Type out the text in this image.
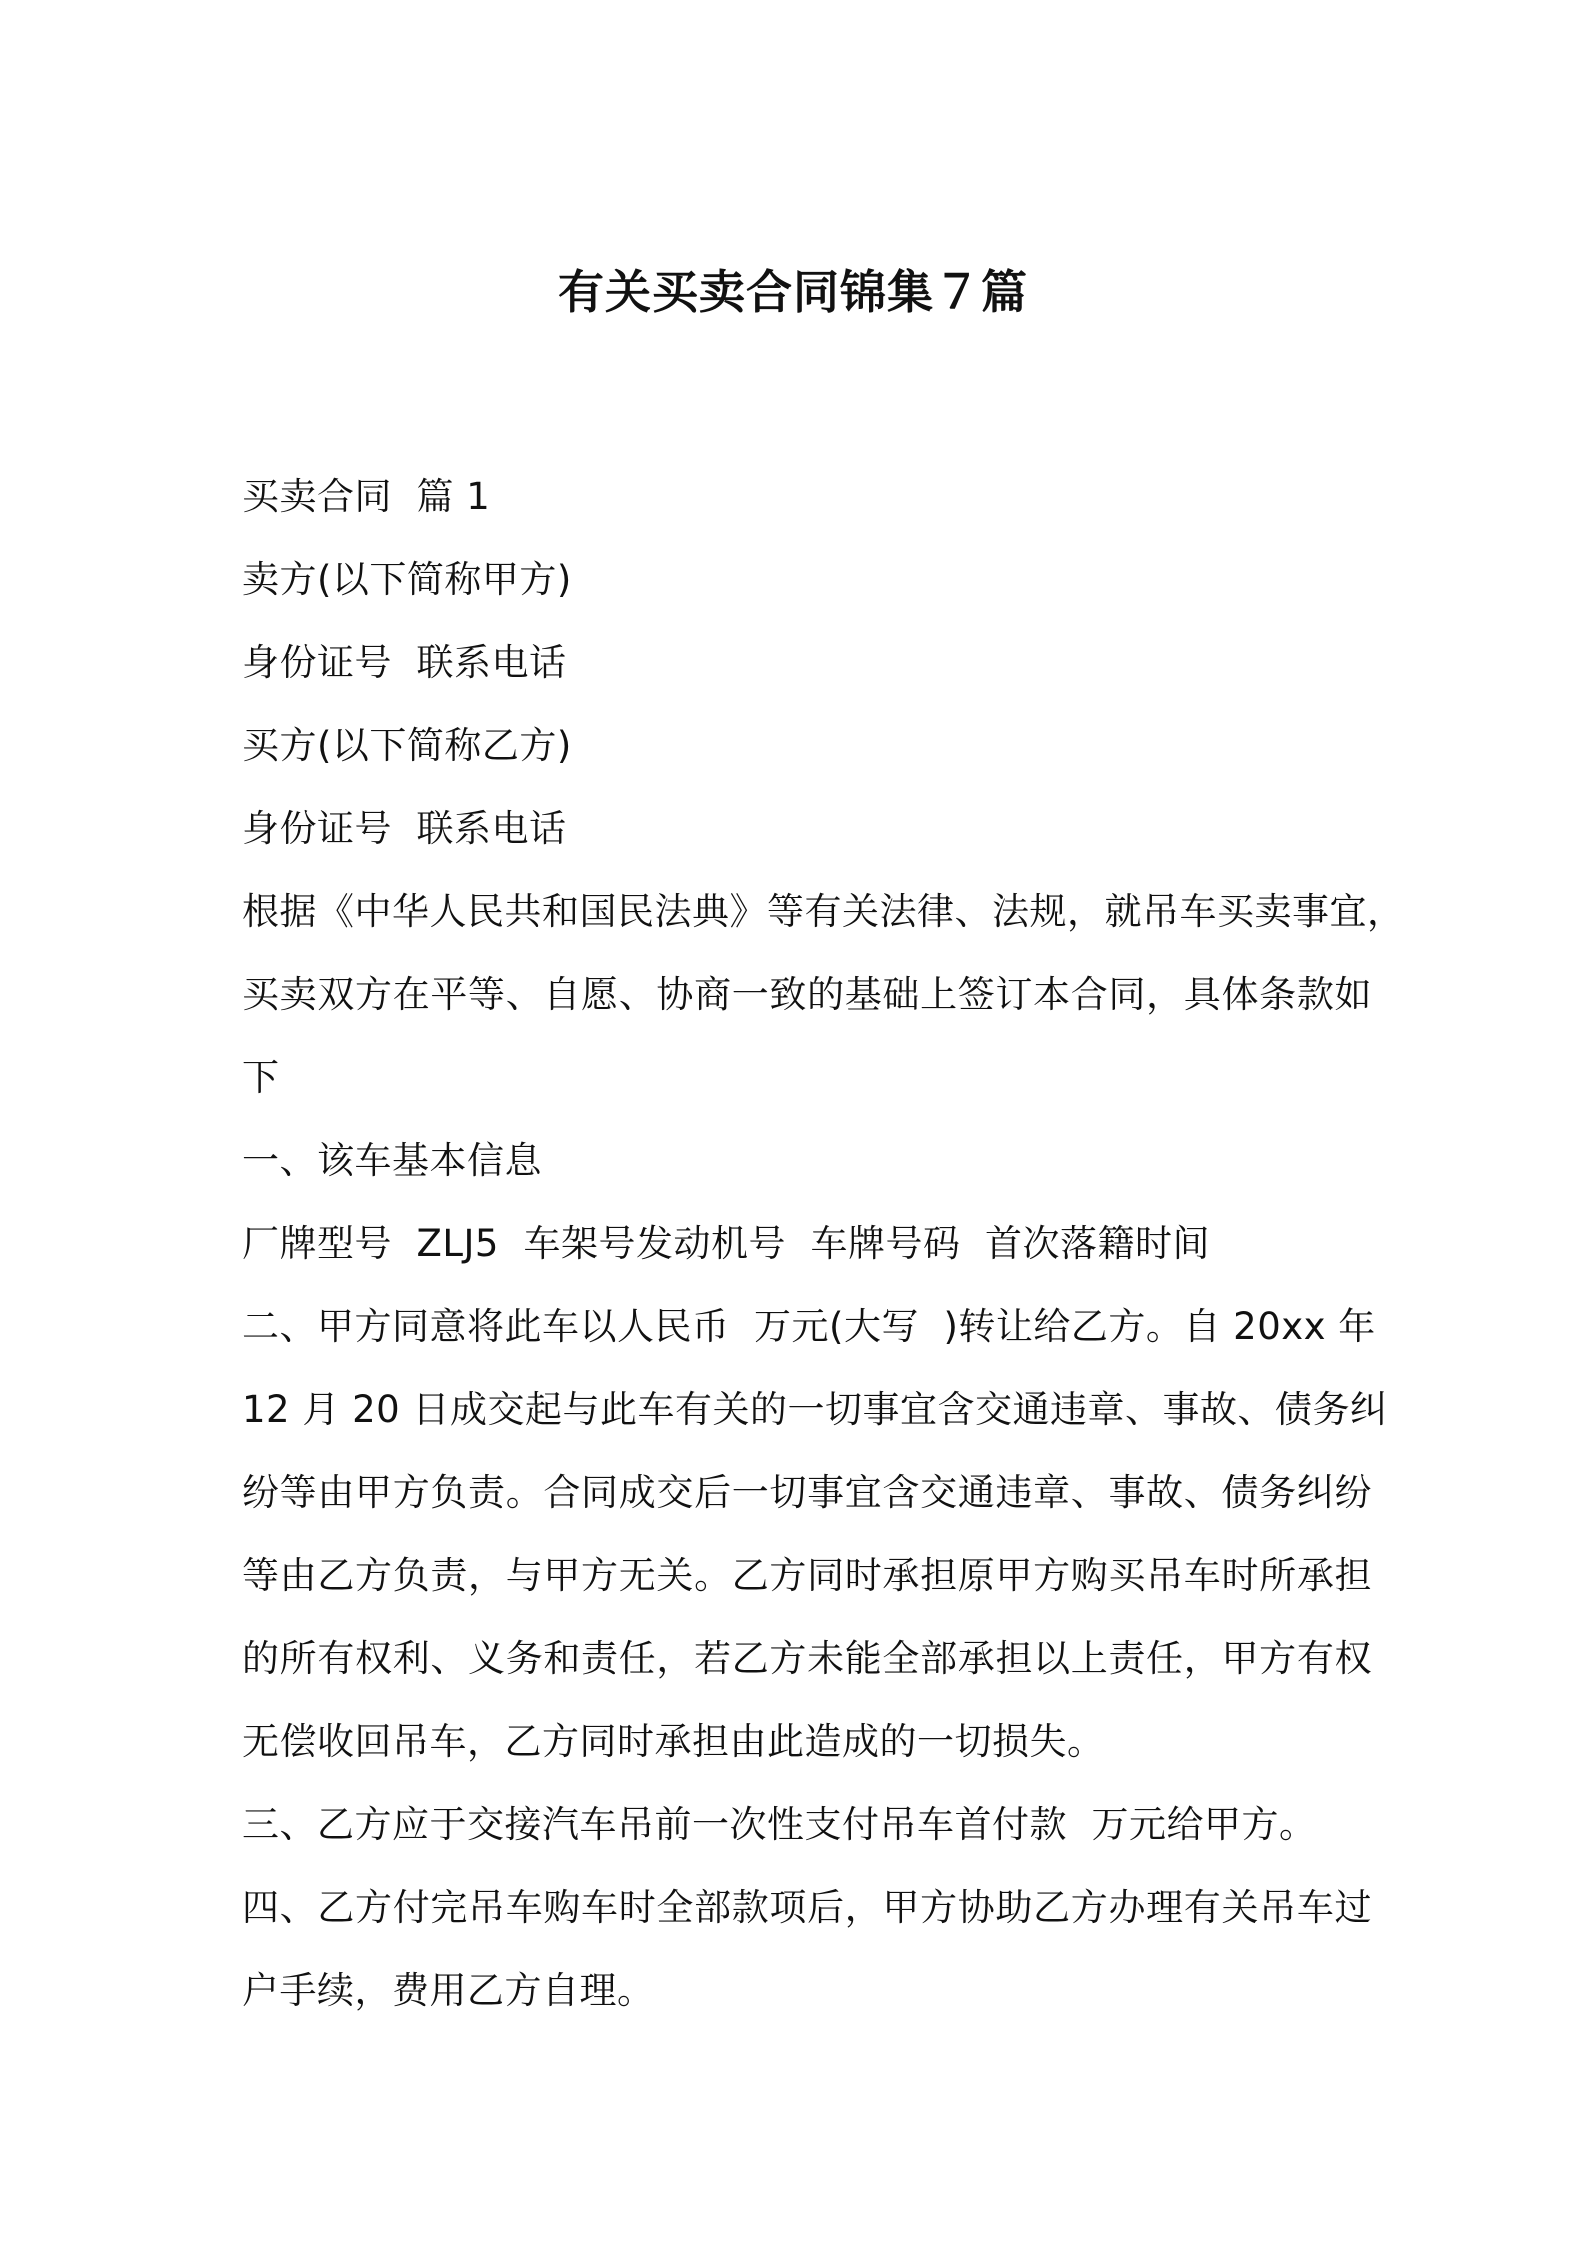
有关买卖合同锦集７篇
买卖合同  篇 1
卖方(以下简称甲方)
身份证号  联系电话
买方(以下简称乙方)
身份证号  联系电话
根据《中华人民共和国民法典》等有关法律、法规，就吊车买卖事宜，
买卖双方在平等、自愿、协商一致的基础上签订本合同，具体条款如
下
一、该车基本信息
厂牌型号  ZLJ5  车架号发动机号  车牌号码  首次落籍时间
二、甲方同意将此车以人民币  万元(大写  )转让给乙方。自 20xx 年
12 月 20 日成交起与此车有关的一切事宜含交通违章、事故、债务纠
纷等由甲方负责。合同成交后一切事宜含交通违章、事故、债务纠纷
等由乙方负责，与甲方无关。乙方同时承担原甲方购买吊车时所承担
的所有权利、义务和责任，若乙方未能全部承担以上责任，甲方有权
无偿收回吊车，乙方同时承担由此造成的一切损失。
三、乙方应于交接汽车吊前一次性支付吊车首付款  万元给甲方。
四、乙方付完吊车购车时全部款项后，甲方协助乙方办理有关吊车过
户手续，费用乙方自理。
